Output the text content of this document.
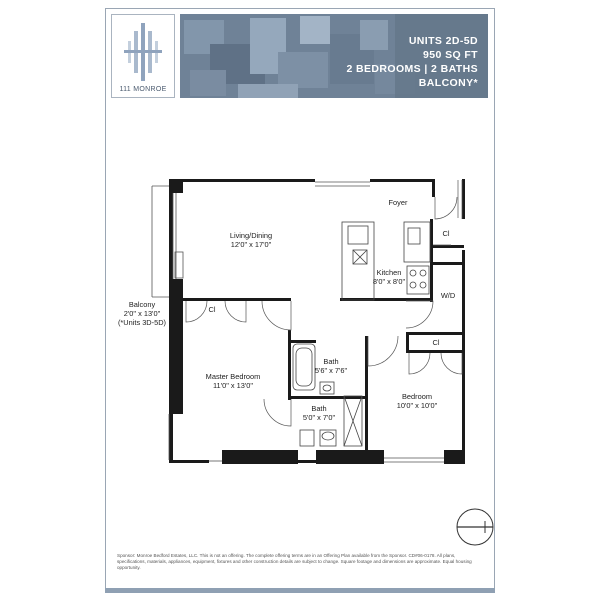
111 MONROE
UNITS 2D-5D
950 SQ FT
2 BEDROOMS | 2 BATHS
BALCONY*
Foyer
Living/Dining
12'0" x 17'0"
Kitchen
8'0" x 8'0"
Cl
W/D
Balcony
2'0" x 13'0"
(*Units 3D-5D)
Cl
Master Bedroom
11'0" x 13'0"
Bath
5'6" x 7'6"
Bath
5'0" x 7'0"
Cl
Bedroom
10'0" x 10'0"
Sponsor: Monroe Bedford Estates, LLC. This is not an offering. The complete offering terms are in an Offering Plan available from the Sponsor. CD#06-0178. All plans, specifications, materials, appliances, equipment, fixtures and other construction details are subject to change. Square footage and dimensions are approximate. Equal housing opportunity.
